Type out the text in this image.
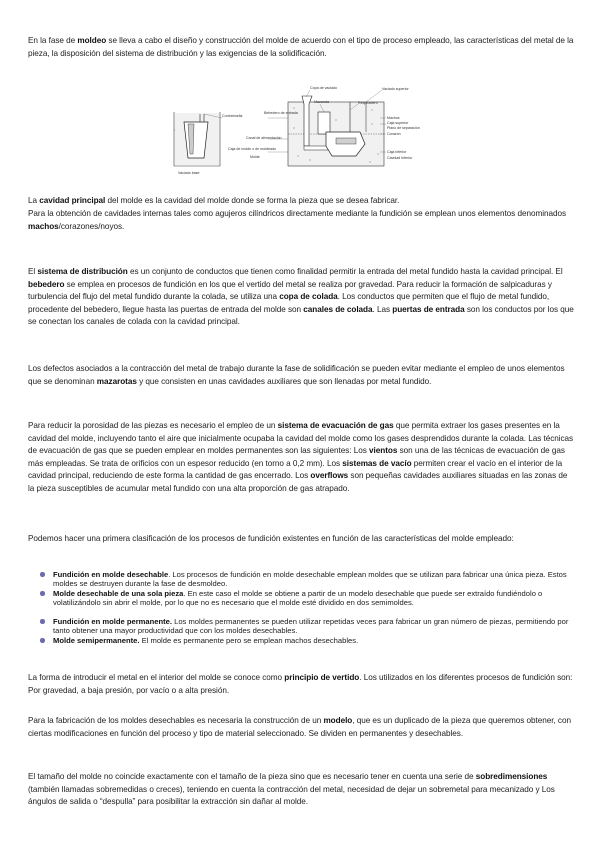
En la fase de moldeo se lleva a cabo el diseño y construcción del molde de acuerdo con el tipo de proceso empleado, las características del metal de la pieza, la disposición del sistema de distribución y las exigencias de la solidificación.

Copa de vaciado
Mazarota	Respiradero
Vaciado superior
Machos
Plano de separación
Caja superior
Corazón
Caja inferior
Bebedero de entrada
Canal de alimentación
Caja de molde o de moldeado
Molde
Contrahuella
Cavidad Inferior
Vaciado base

La cavidad principal del molde es la cavidad del molde donde se forma la pieza que se desea fabricar.

Para la obtención de cavidades internas tales como agujeros cilíndricos directamente mediante la fundición se emplean unos elementos denominados machos/corazones/noyos.

El sistema de distribución es un conjunto de conductos que tienen como finalidad permitir la entrada del metal fundido hasta la cavidad principal. El bebedero se emplea en procesos de fundición en los que el vertido del metal se realiza por gravedad. Para reducir la formación de salpicaduras y turbulencia del flujo del metal fundido durante la colada, se utiliza una copa de colada. Los conductos que permiten que el flujo de metal fundido, procedente del bebedero, llegue hasta las puertas de entrada del molde son canales de colada. Las puertas de entrada son los conductos por los que se conectan los canales de colada con la cavidad principal.

Los defectos asociados a la contracción del metal de trabajo durante la fase de solidificación se pueden evitar mediante el empleo de unos elementos que se denominan mazarotas y que consisten en unas cavidades auxiliares que son llenadas por metal fundido.

Para reducir la porosidad de las piezas es necesario el empleo de un sistema de evacuación de gas que permita extraer los gases presentes en la cavidad del molde, incluyendo tanto el aire que inicialmente ocupaba la cavidad del molde como los gases desprendidos durante la colada. Las técnicas de evacuación de gas que se pueden emplear en moldes permanentes son las siguientes: Los vientos son una de las técnicas de evacuación de gas más empleadas. Se trata de orificios con un espesor reducido (en torno a 0,2 mm). Los sistemas de vacío permiten crear el vacío en el interior de la cavidad principal, reduciendo de este forma la cantidad de gas encerrado. Los overflows son pequeñas cavidades auxiliares situadas en las zonas de la pieza susceptibles de acumular metal fundido con una alta proporción de gas atrapado.

Podemos hacer una primera clasificación de los procesos de fundición existentes en función de las características del molde empleado:

Fundición en molde desechable. Los procesos de fundición en molde desechable emplean moldes que se utilizan para fabricar una única pieza. Estos moldes se destruyen durante la fase de desmoldeo.
Molde desechable de una sola pieza. En este caso el molde se obtiene a partir de un modelo desechable que puede ser extraído fundiéndolo o volatilizándolo sin abrir el molde, por lo que no es necesario que el molde esté dividido en dos semimoldes.
Fundición en molde permanente. Los moldes permanentes se pueden utilizar repetidas veces para fabricar un gran número de piezas, permitiendo por tanto obtener una mayor productividad que con los moldes desechables.
Molde semipermanente. El molde es permanente pero se emplean machos desechables.

La forma de introducir el metal en el interior del molde se conoce como principio de vertido. Los utilizados en los diferentes procesos de fundición son: Por gravedad, a baja presión, por vacío o a alta presión.

Para la fabricación de los moldes desechables es necesaria la construcción de un modelo, que es un duplicado de la pieza que queremos obtener, con ciertas modificaciones en función del proceso y tipo de material seleccionado. Se dividen en permanentes y desechables.

El tamaño del molde no coincide exactamente con el tamaño de la pieza sino que es necesario tener en cuenta una serie de sobredimensiones (también llamadas sobremedidas o creces), teniendo en cuenta la contracción del metal, necesidad de dejar un sobremetal para mecanizado y Los ángulos de salida o “despulla” para posibilitar la extracción sin dañar al molde.
